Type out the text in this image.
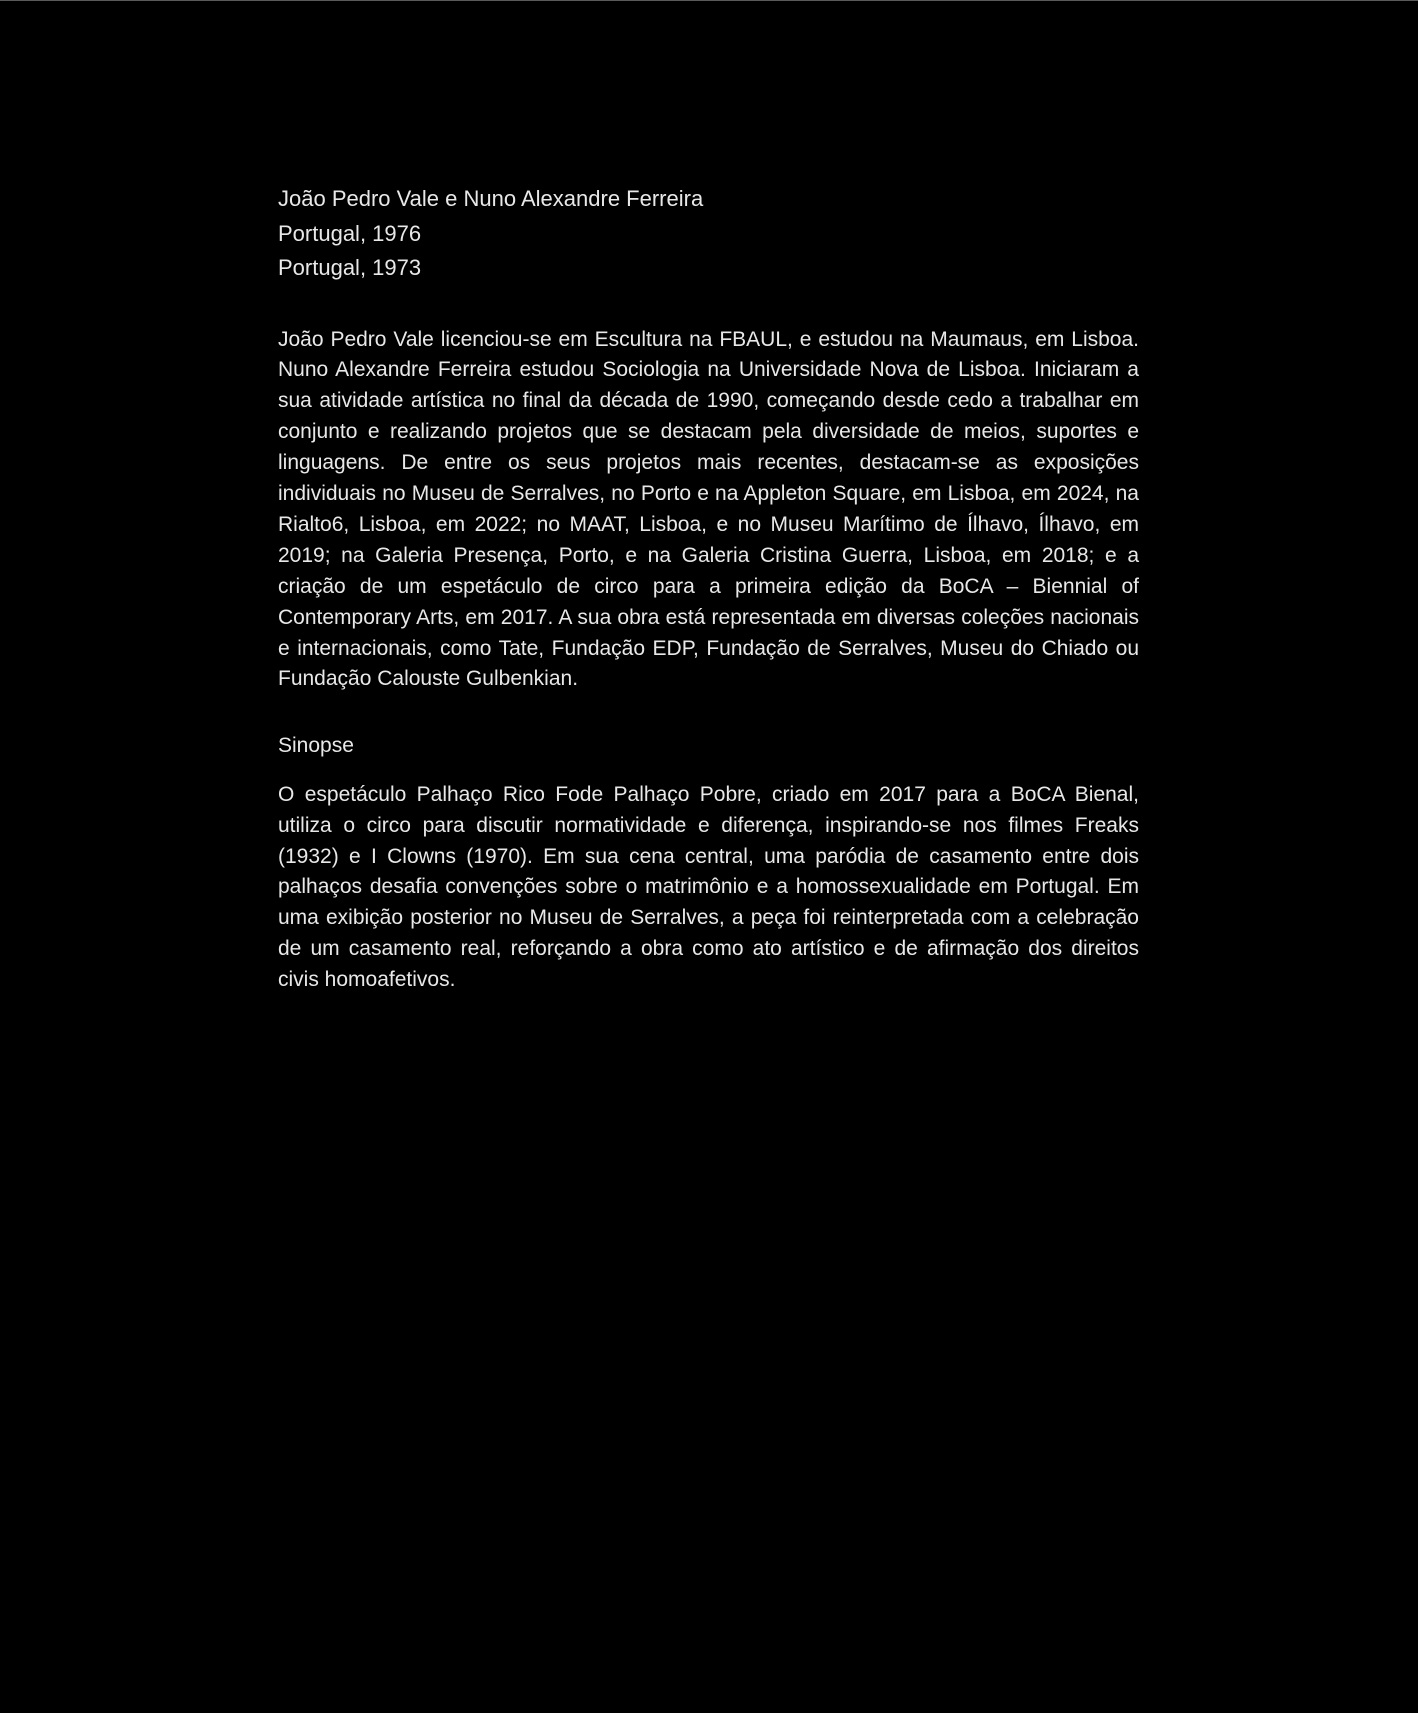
João Pedro Vale e Nuno Alexandre Ferreira
Portugal, 1976
Portugal, 1973

João Pedro Vale licenciou-se em Escultura na FBAUL, e estudou na Maumaus, em Lisboa. Nuno Alexandre Ferreira estudou Sociologia na Universidade Nova de Lisboa. Iniciaram a sua atividade artística no final da década de 1990, começando desde cedo a trabalhar em conjunto e realizando projetos que se destacam pela diversidade de meios, suportes e linguagens. De entre os seus projetos mais recentes, destacam-se as exposições individuais no Museu de Serralves, no Porto e na Appleton Square, em Lisboa, em 2024, na Rialto6, Lisboa, em 2022; no MAAT, Lisboa, e no Museu Marítimo de Ílhavo, Ílhavo, em 2019; na Galeria Presença, Porto, e na Galeria Cristina Guerra, Lisboa, em 2018; e a criação de um espetáculo de circo para a primeira edição da BoCA – Biennial of Contemporary Arts, em 2017. A sua obra está representada em diversas coleções nacionais e internacionais, como Tate, Fundação EDP, Fundação de Serralves, Museu do Chiado ou Fundação Calouste Gulbenkian.

Sinopse

O espetáculo Palhaço Rico Fode Palhaço Pobre, criado em 2017 para a BoCA Bienal, utiliza o circo para discutir normatividade e diferença, inspirando-se nos filmes Freaks (1932) e I Clowns (1970). Em sua cena central, uma paródia de casamento entre dois palhaços desafia convenções sobre o matrimônio e a homossexualidade em Portugal. Em uma exibição posterior no Museu de Serralves, a peça foi reinterpretada com a celebração de um casamento real, reforçando a obra como ato artístico e de afirmação dos direitos civis homoafetivos.
